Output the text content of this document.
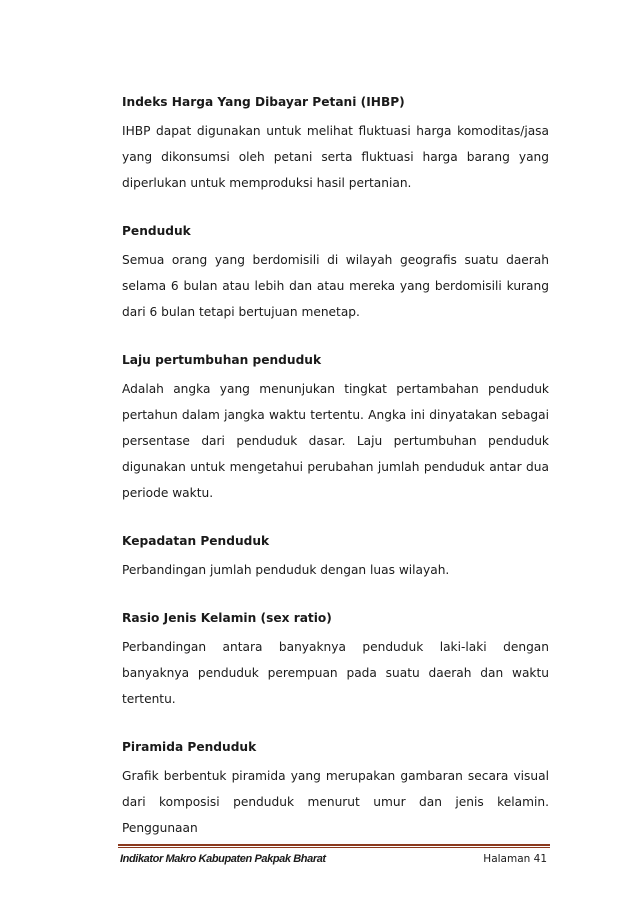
Indeks Harga Yang Dibayar Petani (IHBP)

IHBP dapat digunakan untuk melihat fluktuasi harga komoditas/jasa yang dikonsumsi oleh petani serta fluktuasi harga barang yang diperlukan untuk memproduksi hasil pertanian.

Penduduk

Semua orang yang berdomisili di wilayah geografis suatu daerah selama 6 bulan atau lebih dan atau mereka yang berdomisili kurang dari 6 bulan tetapi bertujuan menetap.

Laju pertumbuhan penduduk

Adalah angka yang menunjukan tingkat pertambahan penduduk pertahun dalam jangka waktu tertentu. Angka ini dinyatakan sebagai persentase dari penduduk dasar. Laju pertumbuhan penduduk digunakan untuk mengetahui perubahan jumlah penduduk antar dua periode waktu.

Kepadatan Penduduk

Perbandingan jumlah penduduk dengan luas wilayah.

Rasio Jenis Kelamin (sex ratio)

Perbandingan antara banyaknya penduduk laki-laki dengan banyaknya penduduk perempuan pada suatu daerah dan waktu tertentu.

Piramida Penduduk

Grafik berbentuk piramida yang merupakan gambaran secara visual dari komposisi penduduk menurut umur dan jenis kelamin. Penggunaan

Indikator Makro Kabupaten Pakpak Bharat	Halaman 41
